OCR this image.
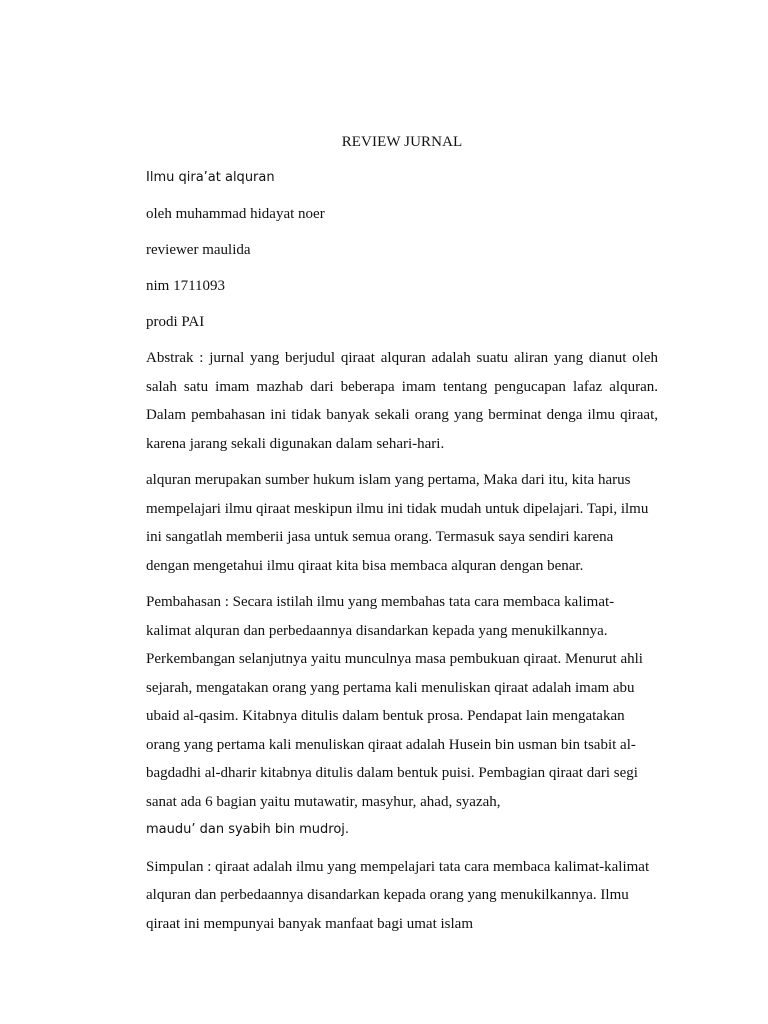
REVIEW JURNAL
Ilmu qira’at alquran
oleh muhammad hidayat noer
reviewer maulida
nim 1711093
prodi PAI
Abstrak : jurnal yang berjudul qiraat alquran adalah suatu aliran yang dianut oleh salah satu imam mazhab dari beberapa imam tentang pengucapan lafaz alquran. Dalam pembahasan ini tidak banyak sekali orang yang berminat denga ilmu qiraat, karena jarang sekali digunakan dalam sehari-hari.
alquran merupakan sumber hukum islam yang pertama, Maka dari itu, kita harus mempelajari ilmu qiraat meskipun ilmu ini tidak mudah untuk dipelajari. Tapi, ilmu ini sangatlah memberii jasa untuk semua orang. Termasuk saya sendiri karena dengan mengetahui ilmu qiraat kita bisa membaca alquran dengan benar.
Pembahasan : Secara istilah ilmu yang membahas tata cara membaca kalimat-kalimat alquran dan perbedaannya disandarkan kepada yang menukilkannya. Perkembangan selanjutnya yaitu munculnya masa pembukuan qiraat. Menurut ahli sejarah, mengatakan orang yang pertama kali menuliskan qiraat adalah imam abu ubaid al-qasim. Kitabnya ditulis dalam bentuk prosa. Pendapat lain mengatakan orang yang pertama kali menuliskan qiraat adalah Husein bin usman bin tsabit al- bagdadhi al-dharir kitabnya ditulis dalam bentuk puisi. Pembagian qiraat dari segi sanat ada 6 bagian yaitu mutawatir, masyhur, ahad, syazah,
maudu’ dan syabih bin mudroj.
Simpulan : qiraat adalah ilmu yang mempelajari tata cara membaca kalimat-kalimat alquran dan perbedaannya disandarkan kepada orang yang menukilkannya. Ilmu qiraat ini mempunyai banyak manfaat bagi umat islam
